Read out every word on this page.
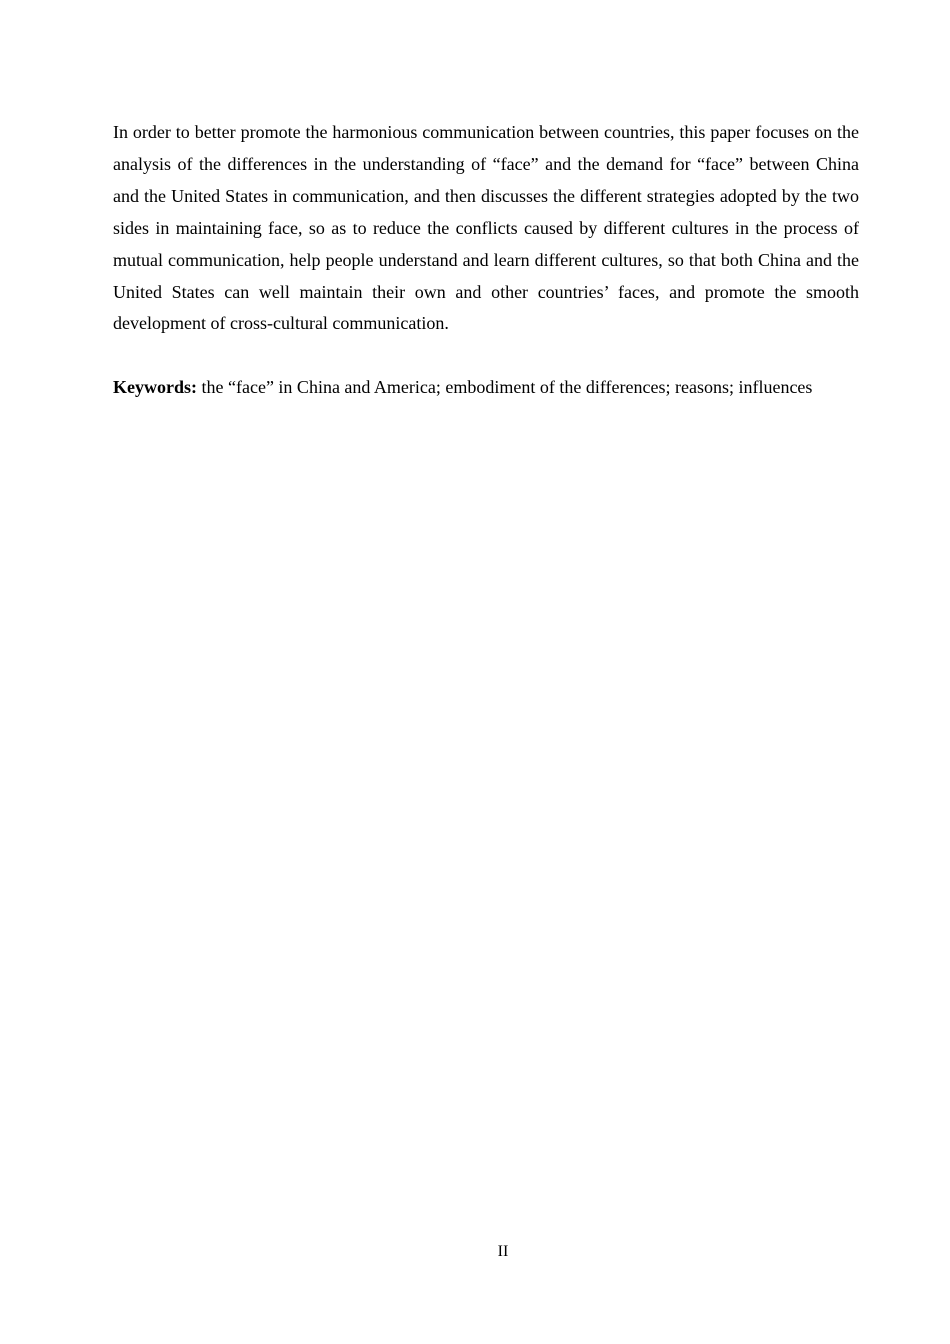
In order to better promote the harmonious communication between countries, this paper focuses on the analysis of the differences in the understanding of “face” and the demand for “face” between China and the United States in communication, and then discusses the different strategies adopted by the two sides in maintaining face, so as to reduce the conflicts caused by different cultures in the process of mutual communication, help people understand and learn different cultures, so that both China and the United States can well maintain their own and other countries’ faces, and promote the smooth development of cross-cultural communication.

Keywords: the “face” in China and America; embodiment of the differences; reasons; influences

II
